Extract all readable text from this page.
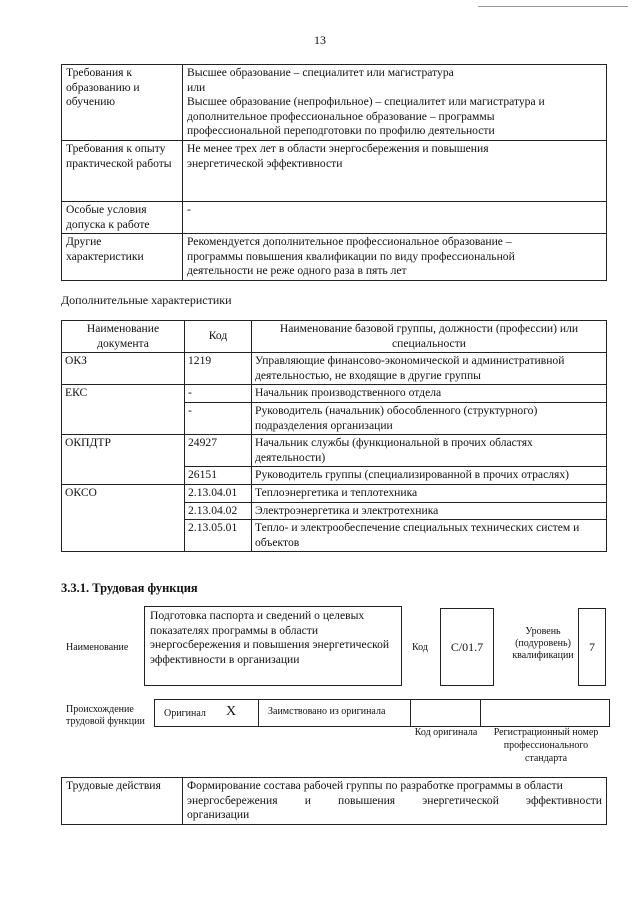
13
Требования к образованию и обучению	Высшее образование – специалитет или магистратура
или
Высшее образование (непрофильное) – специалитет или магистратура и
дополнительное профессиональное образование – программы
профессиональной переподготовки по профилю деятельности

Требования к опыту практической работы	Не менее трех лет в области энергосбережения и повышения
энергетической эффективности

Особые условия допуска к работе	-
Другие характеристики	Рекомендуется дополнительное профессиональное образование –
программы повышения квалификации по виду профессиональной
деятельности не реже одного раза в пять лет
Дополнительные характеристики
Наименование документа	Код	Наименование базовой группы, должности (профессии) или специальности
ОКЗ	1219	Управляющие финансово-экономической и административной деятельностью, не входящие в другие группы
ЕКС	-	Начальник производственного отдела
	-	Руководитель (начальник) обособленного (структурного) подразделения организации
ОКПДТР	24927	Начальник службы (функциональной в прочих областях деятельности)
	26151	Руководитель группы (специализированной в прочих отраслях)
ОКСО	2.13.04.01	Теплоэнергетика и теплотехника
	2.13.04.02	Электроэнергетика и электротехника
	2.13.05.01	Тепло- и электрообеспечение специальных технических систем и объектов
3.3.1. Трудовая функция
Наименование
Подготовка паспорта и сведений о целевых показателях программы в области энергосбережения и повышения энергетической эффективности в организации
Код	С/01.7
Уровень (подуровень) квалификации
7
Происхождение трудовой функции
Оригинал X	Заимствовано из оригинала
Код оригинала	Регистрационный номер профессионального стандарта
Трудовые действия	Формирование состава рабочей группы по разработке программы в области
энергосбережения и повышения энергетической эффективности
организации
